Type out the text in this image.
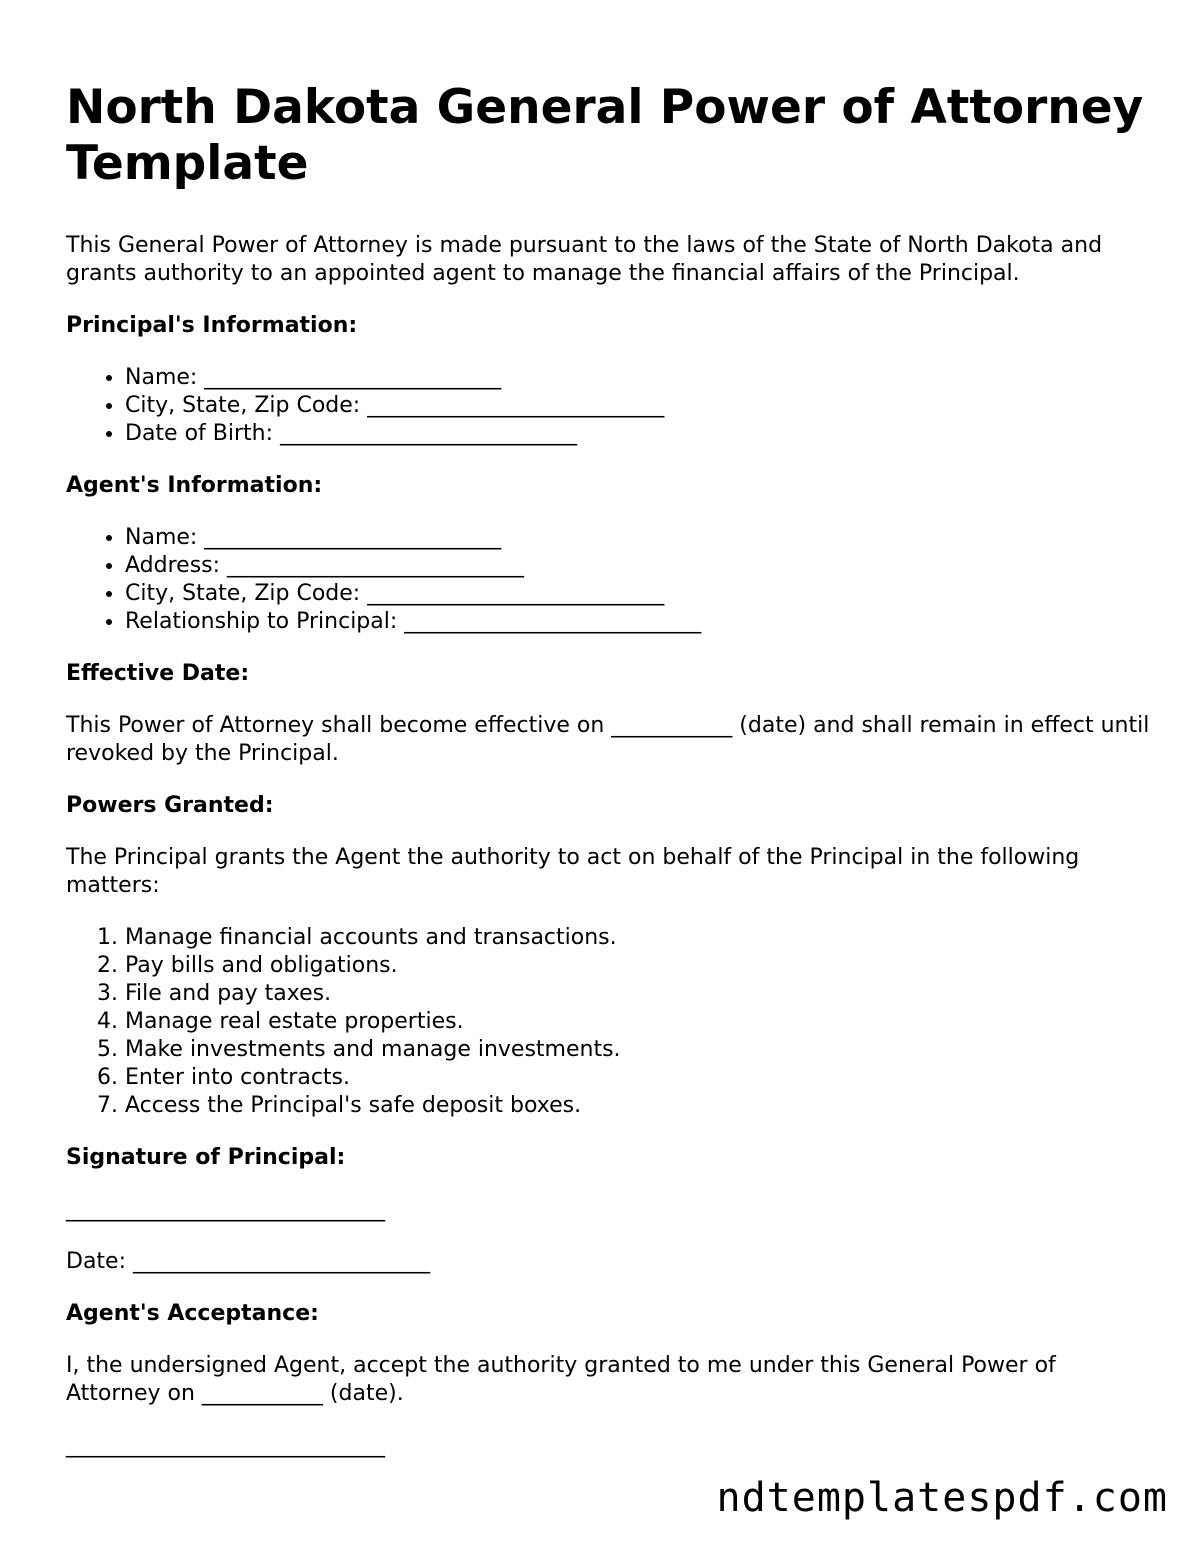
North Dakota General Power of Attorney Template

This General Power of Attorney is made pursuant to the laws of the State of North Dakota and grants authority to an appointed agent to manage the financial affairs of the Principal.

Principal's Information:
• Name: ___________________________
• City, State, Zip Code: ___________________________
• Date of Birth: ___________________________
Agent's Information:
• Name: ___________________________
• Address: ___________________________
• City, State, Zip Code: ___________________________
• Relationship to Principal: ___________________________
Effective Date:

This Power of Attorney shall become effective on ___________ (date) and shall remain in effect until revoked by the Principal.

Powers Granted:

The Principal grants the Agent the authority to act on behalf of the Principal in the following matters:

1. Manage financial accounts and transactions.
2. Pay bills and obligations.
3. File and pay taxes.
4. Manage real estate properties.
5. Make investments and manage investments.
6. Enter into contracts.
7. Access the Principal's safe deposit boxes.
Signature of Principal:
_____________________________
Date: ___________________________
Agent's Acceptance:

I, the undersigned Agent, accept the authority granted to me under this General Power of Attorney on ___________ (date).

_____________________________
ndtemplatespdf.com
